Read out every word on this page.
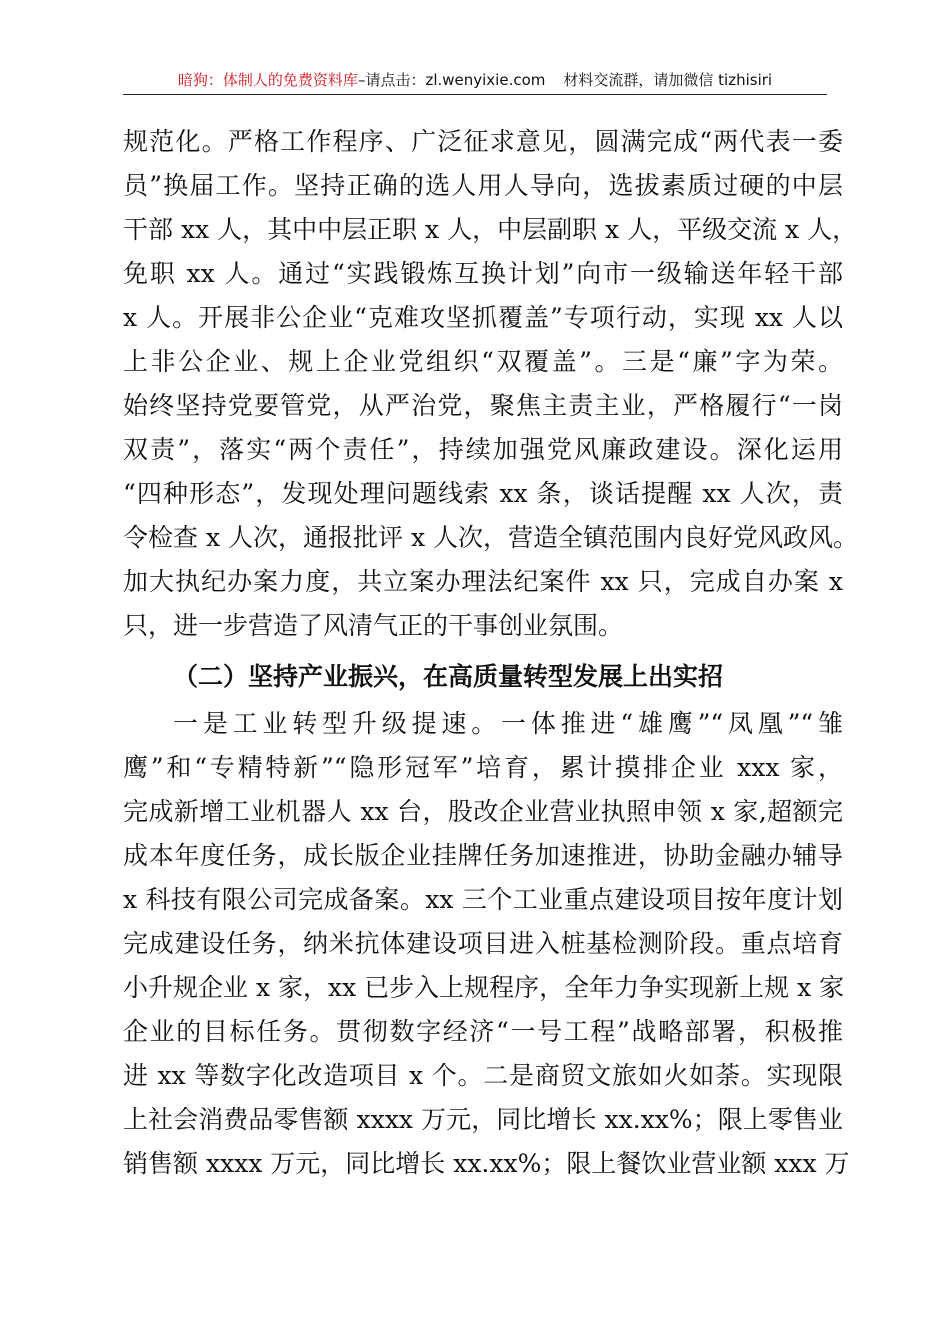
暗狗：体制人的免费资料库–请点击：zl.wenyixie.com 材料交流群，请加微信 tizhisiri
规范化。严格工作程序、广泛征求意见，圆满完成“两代表一委
员”换届工作。坚持正确的选人用人导向，选拔素质过硬的中层
干部 xx 人，其中中层正职 x 人，中层副职 x 人，平级交流 x 人，
免职 xx 人。通过“实践锻炼互换计划”向市一级输送年轻干部
x 人。开展非公企业“克难攻坚抓覆盖”专项行动，实现 xx 人以
上非公企业、规上企业党组织“双覆盖”。三是“廉”字为荣。
始终坚持党要管党，从严治党，聚焦主责主业，严格履行“一岗
双责”，落实“两个责任”，持续加强党风廉政建设。深化运用
“四种形态”，发现处理问题线索 xx 条，谈话提醒 xx 人次，责
令检查 x 人次，通报批评 x 人次，营造全镇范围内良好党风政风。
加大执纪办案力度，共立案办理法纪案件 xx 只，完成自办案 x
只，进一步营造了风清气正的干事创业氛围。
（二）坚持产业振兴，在高质量转型发展上出实招
一是工业转型升级提速。一体推进“雄鹰”“凤凰”“雏
鹰”和“专精特新”“隐形冠军”培育，累计摸排企业 xxx 家，
完成新增工业机器人 xx 台，股改企业营业执照申领 x 家,超额完
成本年度任务，成长版企业挂牌任务加速推进，协助金融办辅导
x 科技有限公司完成备案。xx 三个工业重点建设项目按年度计划
完成建设任务，纳米抗体建设项目进入桩基检测阶段。重点培育
小升规企业 x 家，xx 已步入上规程序，全年力争实现新上规 x 家
企业的目标任务。贯彻数字经济“一号工程”战略部署，积极推
进 xx 等数字化改造项目 x 个。二是商贸文旅如火如荼。实现限
上社会消费品零售额 xxxx 万元，同比增长 xx.xx%；限上零售业
销售额 xxxx 万元，同比增长 xx.xx%；限上餐饮业营业额 xxx 万
